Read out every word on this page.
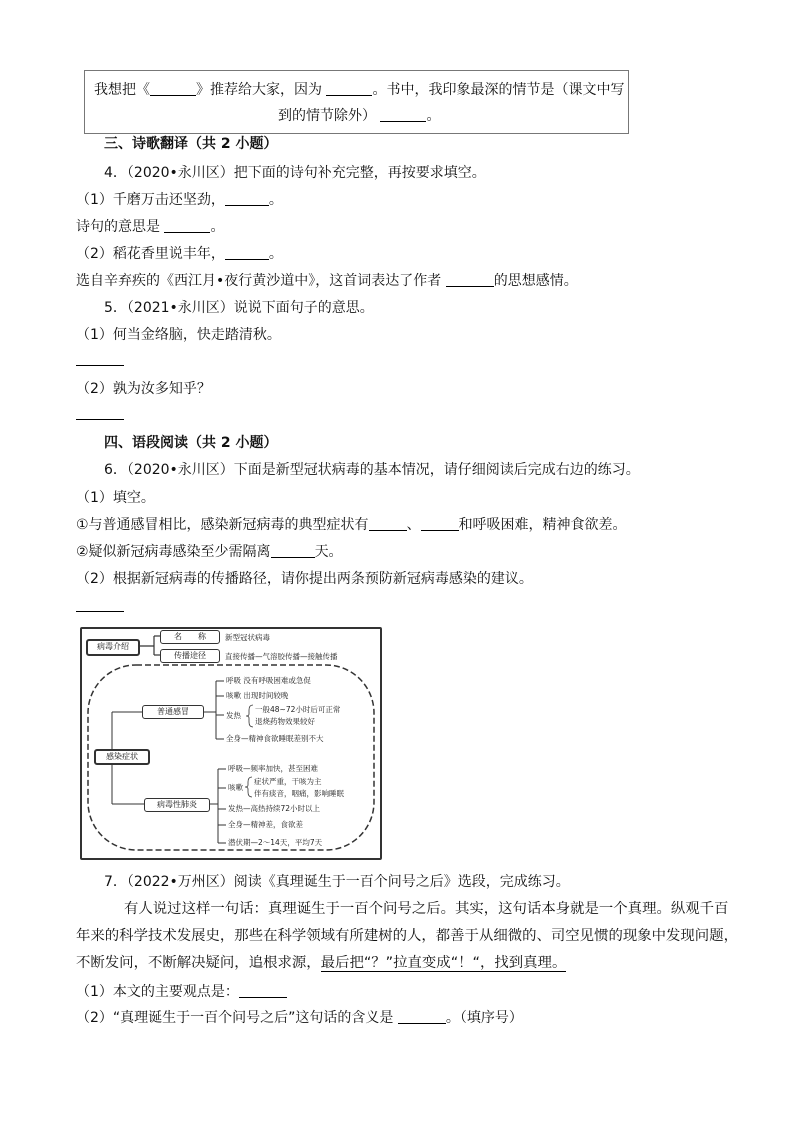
我想把《	》推荐给大家，因为	。书中，我印象最深的情节是（课文中写
到的情节除外）	。
三、诗歌翻译（共 2 小题）
4．（2020•永川区）把下面的诗句补充完整，再按要求填空。
（1）千磨万击还坚劲，	。
诗句的意思是	。
（2）稻花香里说丰年，	。
选自辛弃疾的《西江月•夜行黄沙道中》，这首词表达了作者	的思想感情。
5．（2021•永川区）说说下面句子的意思。
（1）何当金络脑，快走踏清秋。
（2）孰为汝多知乎？
四、语段阅读（共 2 小题）
6．（2020•永川区）下面是新型冠状病毒的基本情况，请仔细阅读后完成右边的练习。
（1）填空。
①与普通感冒相比，感染新冠病毒的典型症状有	、	和呼吸困难，精神食欲差。
②疑似新冠病毒感染至少需隔离	天。
（2）根据新冠病毒的传播路径，请你提出两条预防新冠病毒感染的建议。
病毒介绍
名　　称	新型冠状病毒
传播途径	直接传播—气溶胶传播—接触传播
感染症状
普通感冒
呼吸 没有呼吸困难或急促
咳嗽 出现时间较晚
发热
一般48~72小时后可正常
退烧药物效果较好
全身—精神食欲睡眠差别不大
病毒性肺炎
呼吸—频率加快，甚至困难
咳嗽
症状严重，干咳为主
伴有痰音，咽痛，影响睡眠
发热—高热持续72小时以上
全身—精神差，食欲差
潜伏期—2～14天，平均7天
7．（2022•万州区）阅读《真理诞生于一百个问号之后》选段，完成练习。
有人说过这样一句话：真理诞生于一百个问号之后。其实，这句话本身就是一个真理。纵观千百
年来的科学技术发展史，那些在科学领域有所建树的人，都善于从细微的、司空见惯的现象中发现问题，
不断发问，不断解决疑问，追根求源，最后把“？”拉直变成“！“，找到真理。
（1）本文的主要观点是：
（2）“真理诞生于一百个问号之后”这句话的含义是	。（填序号）
